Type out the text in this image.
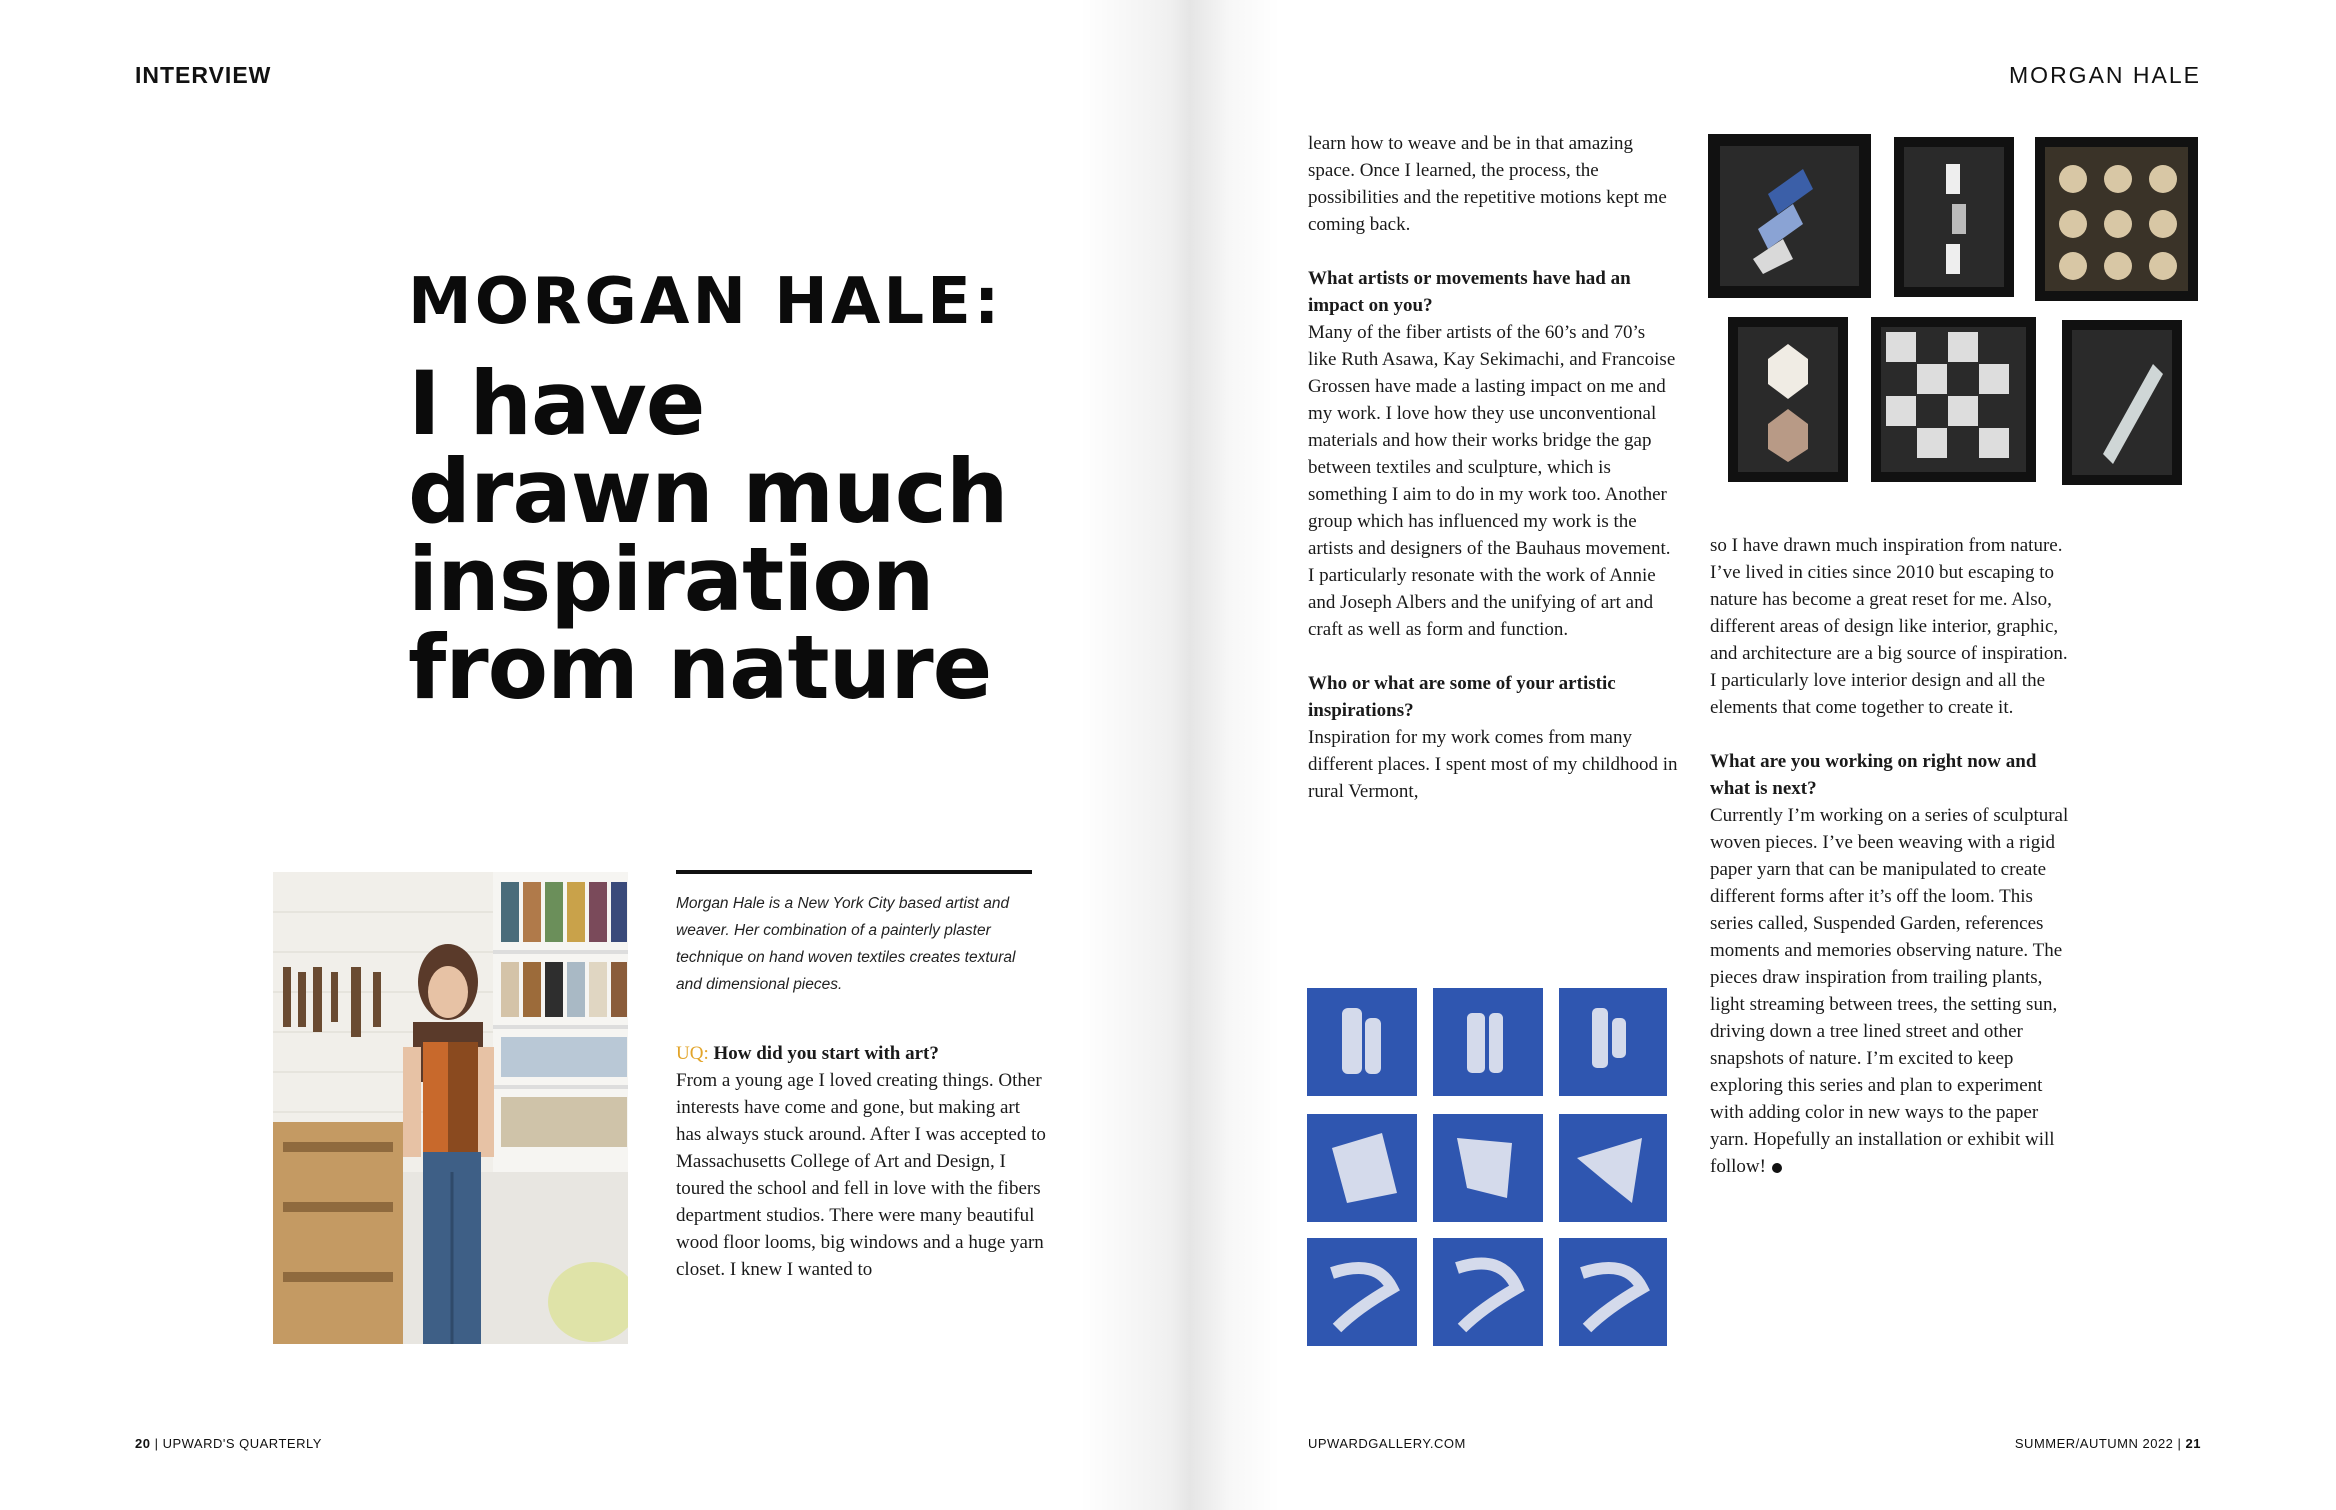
INTERVIEW	MORGAN HALE
MORGAN HALE:
I have
drawn much
inspiration
from nature
Morgan Hale is a New York City based artist and weaver. Her combination of a painterly plaster technique on hand woven textiles creates textural and dimensional pieces.

UQ: How did you start with art?

From a young age I loved creating things. Other interests have come and gone, but making art has always stuck around. After I was accepted to Massachusetts College of Art and Design, I toured the school and fell in love with the fibers department studios. There were many beautiful wood floor looms, big windows and a huge yarn closet. I knew I wanted to

learn how to weave and be in that amazing space. Once I learned, the process, the possibilities and the repetitive motions kept me coming back.

What artists or movements have had an impact on you?

Many of the fiber artists of the 60’s and 70’s like Ruth Asawa, Kay Sekimachi, and Francoise Grossen have made a lasting impact on me and my work. I love how they use unconventional materials and how their works bridge the gap between textiles and sculpture, which is something I aim to do in my work too. Another group which has influenced my work is the artists and designers of the Bauhaus movement. I particularly resonate with the work of Annie and Joseph Albers and the unifying of art and craft as well as form and function.

Who or what are some of your artistic inspirations?

Inspiration for my work comes from many different places. I spent most of my childhood in rural Vermont,

so I have drawn much inspiration from nature. I’ve lived in cities since 2010 but escaping to nature has become a great reset for me. Also, different areas of design like interior, graphic, and architecture are a big source of inspiration.

I particularly love interior design and all the elements that come together to create it.

What are you working on right now and what is next?

Currently I’m working on a series of sculptural woven pieces. I’ve been weaving with a rigid paper yarn that can be manipulated to create different forms after it’s off the loom. This series called, Suspended Garden, references moments and memories observing nature. The pieces draw inspiration from trailing plants, light streaming between trees, the setting sun, driving down a tree lined street and other snapshots of nature. I’m excited to keep exploring this series and plan to experiment with adding color in new ways to the paper yarn. Hopefully an installation or exhibit will follow!

20 | UPWARD'S QUARTERLY	UPWARDGALLERY.COM	SUMMER/AUTUMN 2022 | 21
